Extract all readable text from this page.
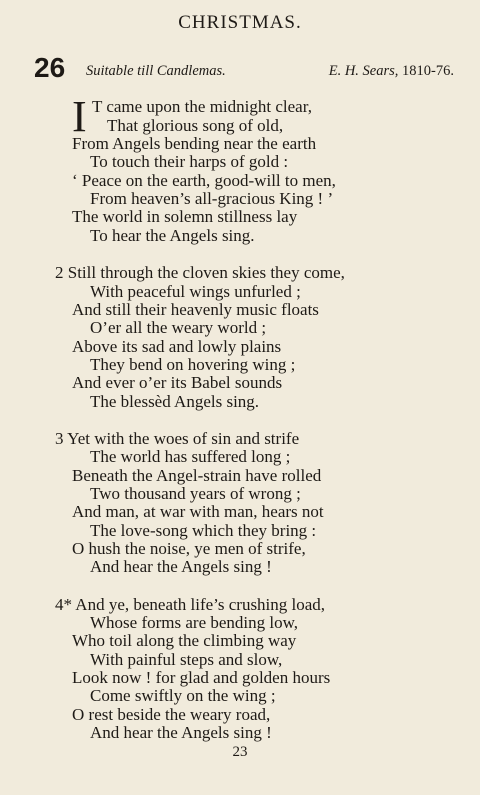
CHRISTMAS.
26 Suitable till Candlemas.	E. H. Sears, 1810-76.
I T came upon the midnight clear,
That glorious song of old,
From Angels bending near the earth
To touch their harps of gold :
‘ Peace on the earth, good-will to men,
From heaven’s all-gracious King ! ’
The world in solemn stillness lay
To hear the Angels sing.
2 Still through the cloven skies they come,
With peaceful wings unfurled ;
And still their heavenly music floats
O’er all the weary world ;
Above its sad and lowly plains
They bend on hovering wing ;
And ever o’er its Babel sounds
The blessèd Angels sing.
3 Yet with the woes of sin and strife
The world has suffered long ;
Beneath the Angel-strain have rolled
Two thousand years of wrong ;
And man, at war with man, hears not
The love-song which they bring :
O hush the noise, ye men of strife,
And hear the Angels sing !
4* And ye, beneath life’s crushing load,
Whose forms are bending low,
Who toil along the climbing way
With painful steps and slow,
Look now ! for glad and golden hours
Come swiftly on the wing ;
O rest beside the weary road,
And hear the Angels sing !
23
